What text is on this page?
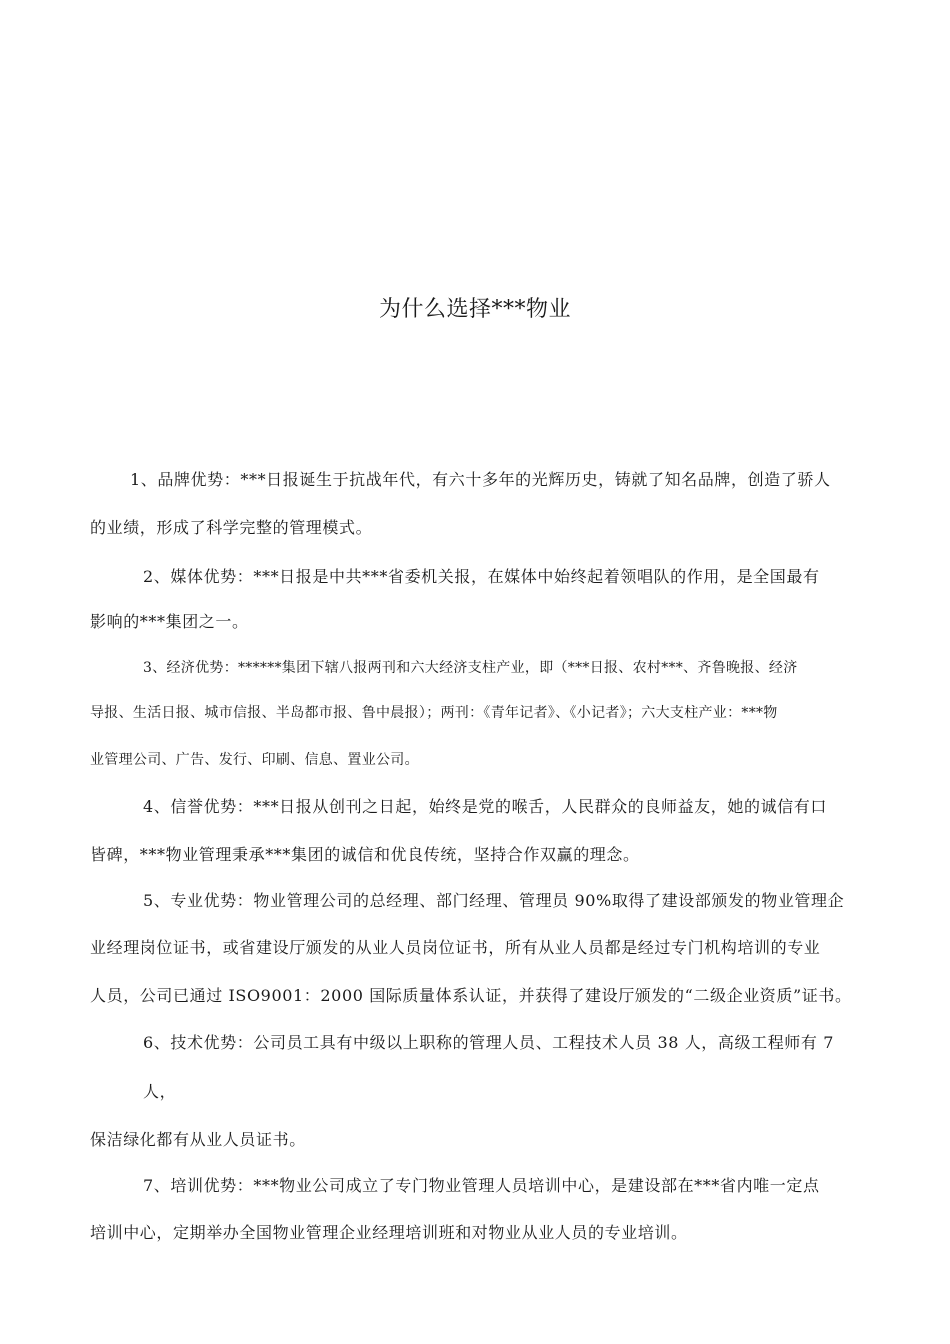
为什么选择***物业
1、品牌优势：***日报诞生于抗战年代，有六十多年的光辉历史，铸就了知名品牌，创造了骄人
的业绩，形成了科学完整的管理模式。
2、媒体优势：***日报是中共***省委机关报，在媒体中始终起着领唱队的作用，是全国最有
影响的***集团之一。
3、经济优势：******集团下辖八报两刊和六大经济支柱产业，即（***日报、农村***、齐鲁晚报、经济
导报、生活日报、城市信报、半岛都市报、鲁中晨报）；两刊：《青年记者》、《小记者》；六大支柱产业：***物
业管理公司、广告、发行、印刷、信息、置业公司。
4、信誉优势：***日报从创刊之日起，始终是党的喉舌，人民群众的良师益友，她的诚信有口
皆碑，***物业管理秉承***集团的诚信和优良传统，坚持合作双赢的理念。
5、专业优势：物业管理公司的总经理、部门经理、管理员 90%取得了建设部颁发的物业管理企
业经理岗位证书，或省建设厅颁发的从业人员岗位证书，所有从业人员都是经过专门机构培训的专业
人员，公司已通过 ISO9001：2000 国际质量体系认证，并获得了建设厅颁发的“二级企业资质”证书。
6、技术优势：公司员工具有中级以上职称的管理人员、工程技术人员 38 人，高级工程师有 7
人，
保洁绿化都有从业人员证书。
7、培训优势：***物业公司成立了专门物业管理人员培训中心，是建设部在***省内唯一定点
培训中心，定期举办全国物业管理企业经理培训班和对物业从业人员的专业培训。
